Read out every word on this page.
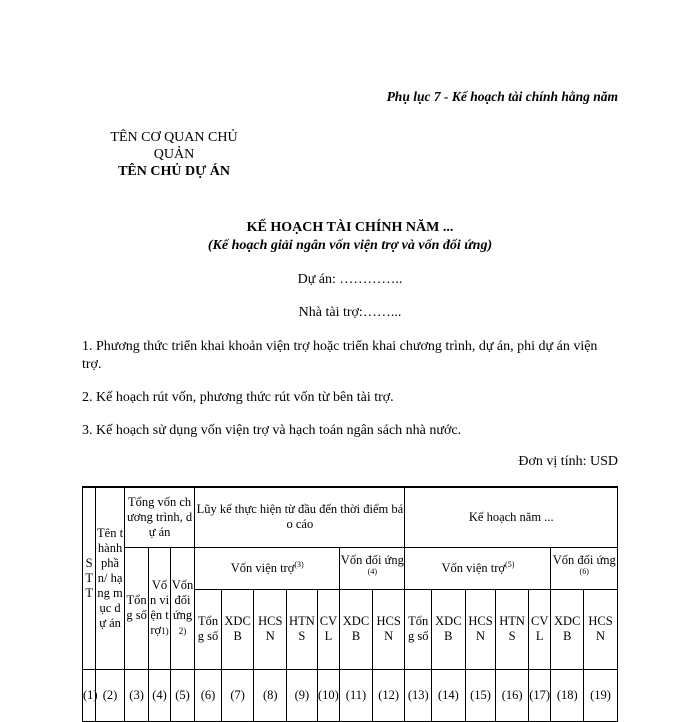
Phụ lục 7 - Kế hoạch tài chính hằng năm
TÊN CƠ QUAN CHỦ QUẢN
TÊN CHỦ DỰ ÁN
KẾ HOẠCH TÀI CHÍNH NĂM ...
(Kế hoạch giải ngân vốn viện trợ và vốn đối ứng)
Dự án: …………..
Nhà tài trợ:……...
1. Phương thức triển khai khoản viện trợ hoặc triển khai chương trình, dự án, phi dự án viện trợ.
2. Kế hoạch rút vốn, phương thức rút vốn từ bên tài trợ.
3. Kế hoạch sử dụng vốn viện trợ và hạch toán ngân sách nhà nước.
Đơn vị tính: USD
STT	Tên thành phần/ hạng mục dự án	Tổng vốn chương trình, dự án			Lũy kế thực hiện từ đầu đến thời điểm báo cáo							Kế hoạch năm ...						
		Tổng số	Vốn viện trợ1)	Vốn đối ứng2)	Vốn viện trợ$^{(3)}$					Vốn đối ứng$^{(4)}$		Vốn viện trợ$^{(5)}$					Vốn đối ứng$^{(6)}$
					Tổng số	XDCB	HCSN	HTNS	CVL	XDCB	HCSN	Tổng số	XDCB	HCSN	HTNS	CVL	XDCB	HCSN

(1)	(2)	(3)	(4)	(5)	(6)	(7)	(8)	(9)	(10)	(11)	(12)	(13)	(14)	(15)	(16)	(17)	(18)	(19)
